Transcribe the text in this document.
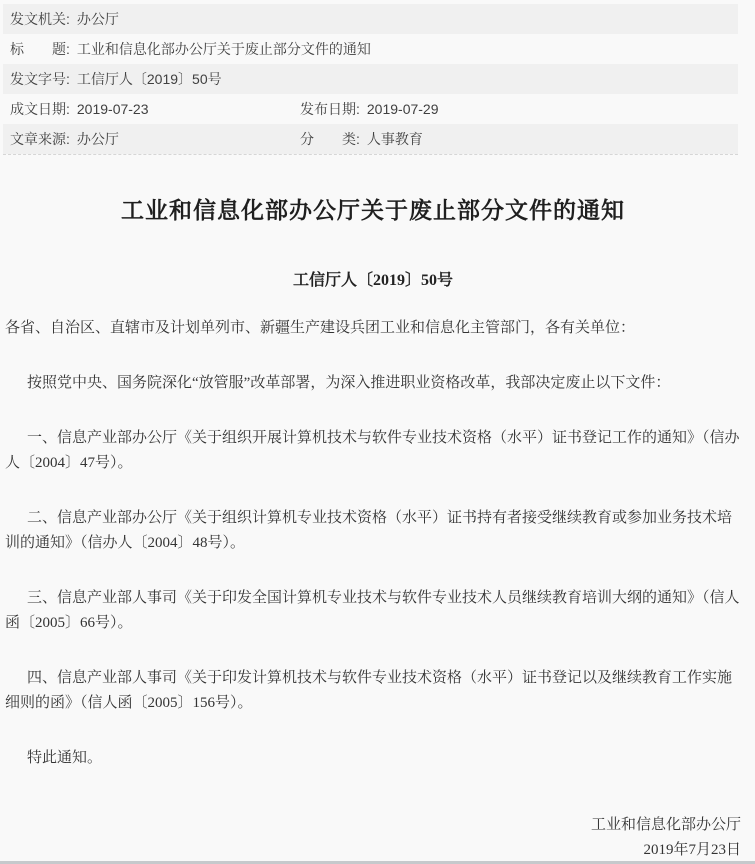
发文机关: 办公厅
标　　题: 工业和信息化部办公厅关于废止部分文件的通知
发文字号: 工信厅人〔2019〕50号
成文日期: 2019-07-23	发布日期: 2019-07-29
文章来源: 办公厅	分　　类: 人事教育
工业和信息化部办公厅关于废止部分文件的通知
工信厅人〔2019〕50号

各省、自治区、直辖市及计划单列市、新疆生产建设兵团工业和信息化主管部门，各有关单位：

按照党中央、国务院深化“放管服”改革部署，为深入推进职业资格改革，我部决定废止以下文件：

一、信息产业部办公厅《关于组织开展计算机技术与软件专业技术资格（水平）证书登记工作的通知》（信办人〔2004〕47号）。

二、信息产业部办公厅《关于组织计算机专业技术资格（水平）证书持有者接受继续教育或参加业务技术培训的通知》（信办人〔2004〕48号）。

三、信息产业部人事司《关于印发全国计算机专业技术与软件专业技术人员继续教育培训大纲的通知》（信人函〔2005〕66号）。

四、信息产业部人事司《关于印发计算机技术与软件专业技术资格（水平）证书登记以及继续教育工作实施细则的函》（信人函〔2005〕156号）。

特此通知。

工业和信息化部办公厅
2019年7月23日
